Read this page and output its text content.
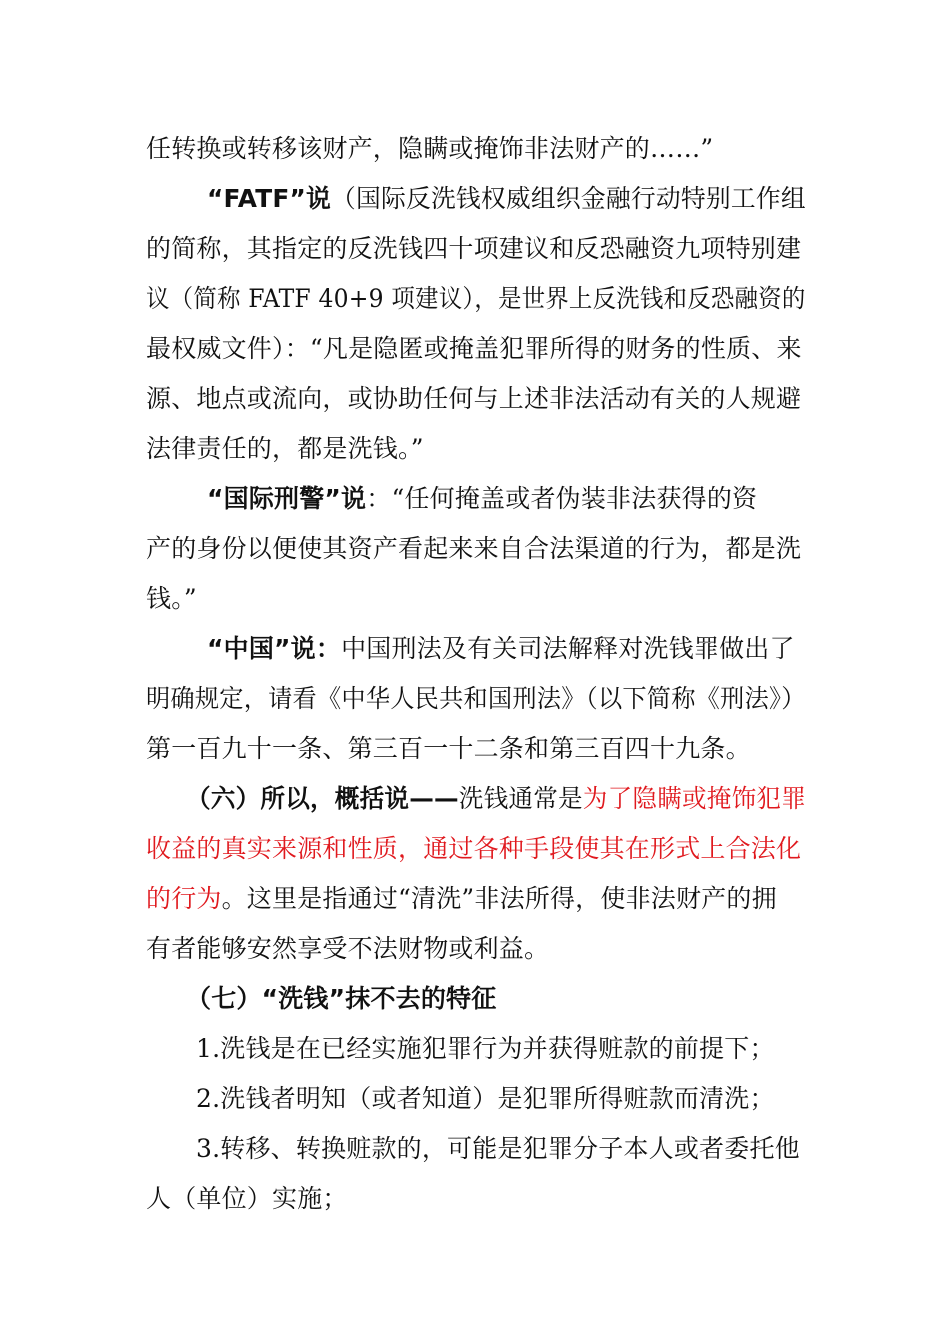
任转换或转移该财产，隐瞒或掩饰非法财产的……”
“FATF”说（国际反洗钱权威组织金融行动特别工作组
的简称，其指定的反洗钱四十项建议和反恐融资九项特别建
议（简称 FATF 40+9 项建议），是世界上反洗钱和反恐融资的
最权威文件）：“凡是隐匿或掩盖犯罪所得的财务的性质、来
源、地点或流向，或协助任何与上述非法活动有关的人规避
法律责任的，都是洗钱。”
“国际刑警”说：“任何掩盖或者伪装非法获得的资
产的身份以便使其资产看起来来自合法渠道的行为，都是洗
钱。”
“中国”说：中国刑法及有关司法解释对洗钱罪做出了
明确规定，请看《中华人民共和国刑法》（以下简称《刑法》）
第一百九十一条、第三百一十二条和第三百四十九条。
（六）所以，概括说——洗钱通常是为了隐瞒或掩饰犯罪
收益的真实来源和性质，通过各种手段使其在形式上合法化
的行为。这里是指通过“清洗”非法所得，使非法财产的拥
有者能够安然享受不法财物或利益。
（七）“洗钱”抹不去的特征
1.洗钱是在已经实施犯罪行为并获得赃款的前提下；
2.洗钱者明知（或者知道）是犯罪所得赃款而清洗；
3.转移、转换赃款的，可能是犯罪分子本人或者委托他
人（单位）实施；
